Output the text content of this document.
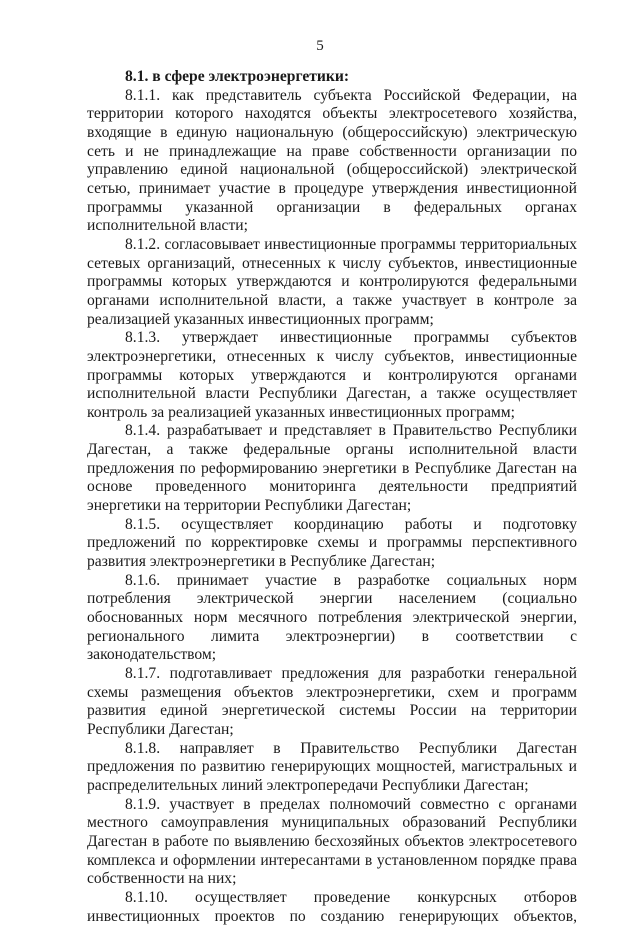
5

8.1. в сфере электроэнергетики:

8.1.1. как представитель субъекта Российской Федерации, на территории которого находятся объекты электросетевого хозяйства, входящие в единую национальную (общероссийскую) электрическую сеть и не принадлежащие на праве собственности организации по управлению единой национальной (общероссийской) электрической сетью, принимает участие в процедуре утверждения инвестиционной программы указанной организации в федеральных органах исполнительной власти;

8.1.2. согласовывает инвестиционные программы территориальных сетевых организаций, отнесенных к числу субъектов, инвестиционные программы которых утверждаются и контролируются федеральными органами исполнительной власти, а также участвует в контроле за реализацией указанных инвестиционных программ;

8.1.3. утверждает инвестиционные программы субъектов электроэнергетики, отнесенных к числу субъектов, инвестиционные программы которых утверждаются и контролируются органами исполнительной власти Республики Дагестан, а также осуществляет контроль за реализацией указанных инвестиционных программ;

8.1.4. разрабатывает и представляет в Правительство Республики Дагестан, а также федеральные органы исполнительной власти предложения по реформированию энергетики в Республике Дагестан на основе проведенного мониторинга деятельности предприятий энергетики на территории Республики Дагестан;

8.1.5. осуществляет координацию работы и подготовку предложений по корректировке схемы и программы перспективного развития электроэнергетики в Республике Дагестан;

8.1.6. принимает участие в разработке социальных норм потребления электрической энергии населением (социально обоснованных норм месячного потребления электрической энергии, регионального лимита электроэнергии) в соответствии с законодательством;

8.1.7. подготавливает предложения для разработки генеральной схемы размещения объектов электроэнергетики, схем и программ развития единой энергетической системы России на территории Республики Дагестан;

8.1.8. направляет в Правительство Республики Дагестан предложения по развитию генерирующих мощностей, магистральных и распределительных линий электропередачи Республики Дагестан;

8.1.9. участвует в пределах полномочий совместно с органами местного самоуправления муниципальных образований Республики Дагестан в работе по выявлению бесхозяйных объектов электросетевого комплекса и оформлении интересантами в установленном порядке права собственности на них;

8.1.10. осуществляет проведение конкурсных отборов инвестиционных проектов по созданию генерирующих объектов,
